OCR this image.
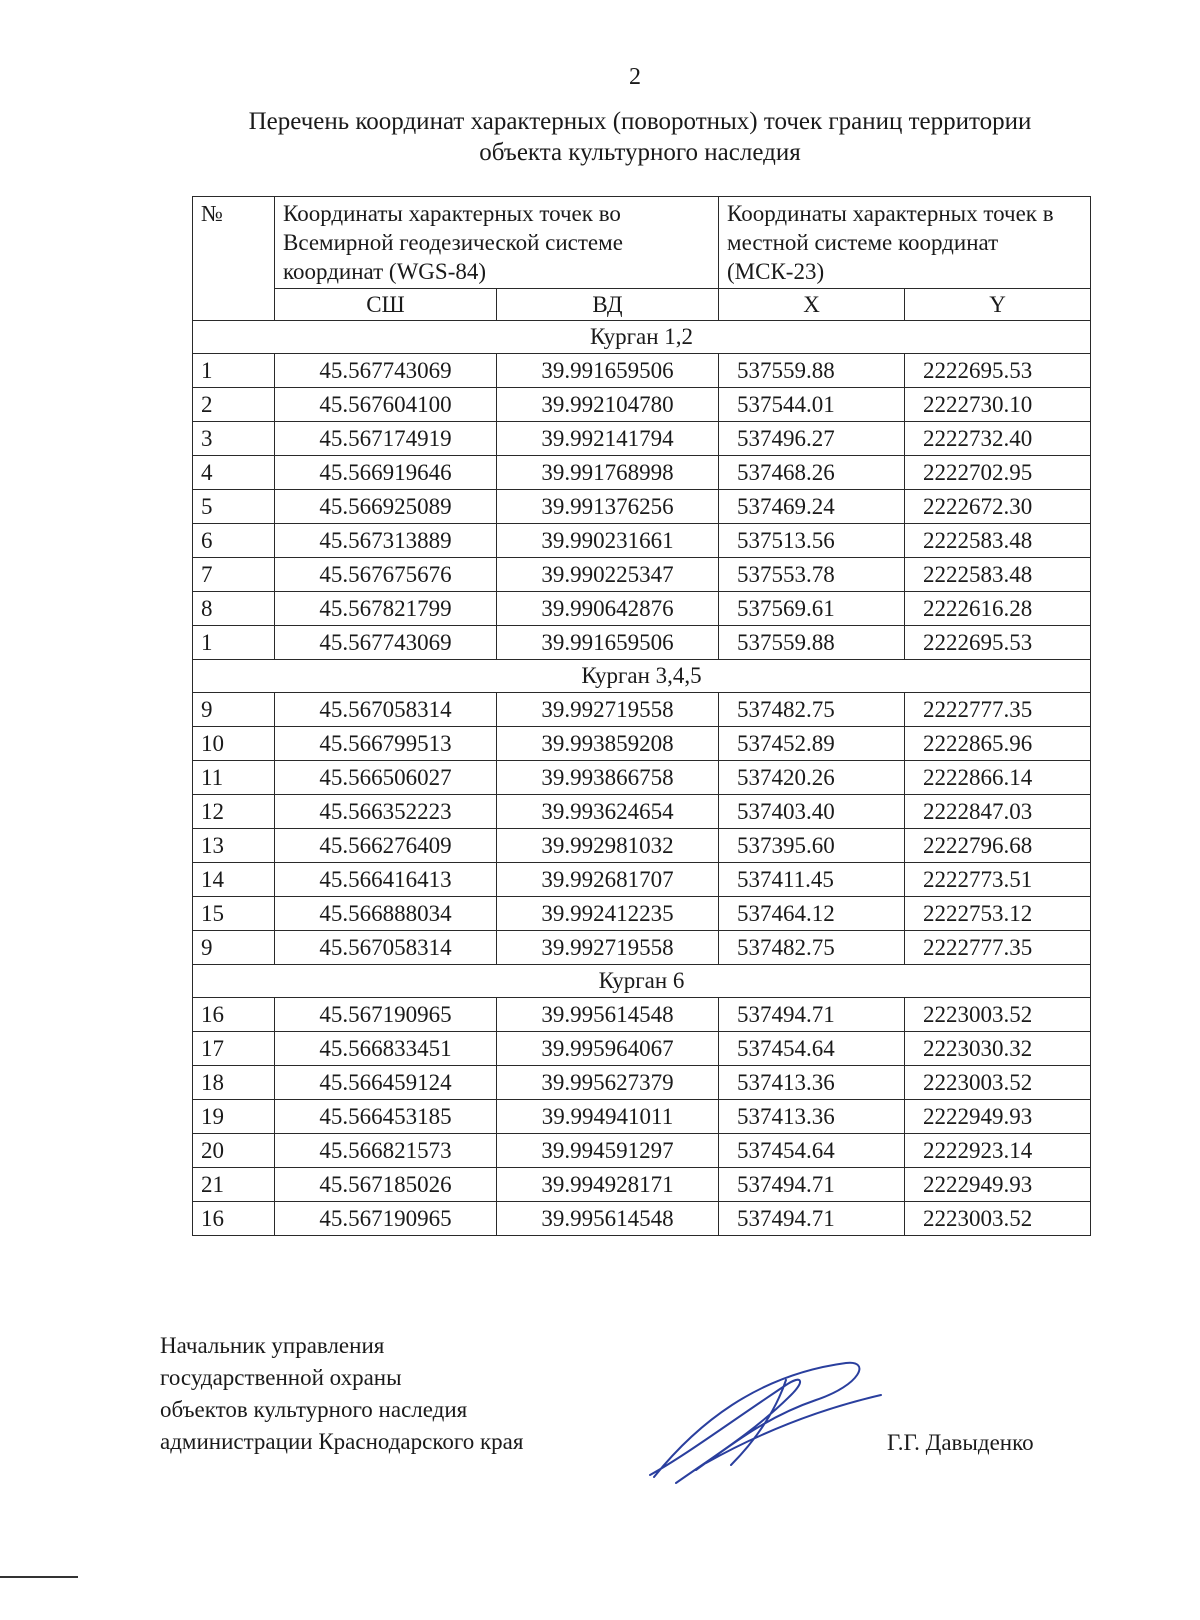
2
Перечень координат характерных (поворотных) точек границ территории
объекта культурного наследия
№	Координаты характерных точек во Всемирной геодезической системе координат (WGS-84)		Координаты характерных точек в местной системе координат (МСК-23)	
	СШ	ВД	X	Y
Курган 1,2				
1	45.567743069	39.991659506	537559.88	2222695.53
2	45.567604100	39.992104780	537544.01	2222730.10
3	45.567174919	39.992141794	537496.27	2222732.40
4	45.566919646	39.991768998	537468.26	2222702.95
5	45.566925089	39.991376256	537469.24	2222672.30
6	45.567313889	39.990231661	537513.56	2222583.48
7	45.567675676	39.990225347	537553.78	2222583.48
8	45.567821799	39.990642876	537569.61	2222616.28
1	45.567743069	39.991659506	537559.88	2222695.53
Курган 3,4,5				
9	45.567058314	39.992719558	537482.75	2222777.35
10	45.566799513	39.993859208	537452.89	2222865.96
11	45.566506027	39.993866758	537420.26	2222866.14
12	45.566352223	39.993624654	537403.40	2222847.03
13	45.566276409	39.992981032	537395.60	2222796.68
14	45.566416413	39.992681707	537411.45	2222773.51
15	45.566888034	39.992412235	537464.12	2222753.12
9	45.567058314	39.992719558	537482.75	2222777.35
Курган 6				
16	45.567190965	39.995614548	537494.71	2223003.52
17	45.566833451	39.995964067	537454.64	2223030.32
18	45.566459124	39.995627379	537413.36	2223003.52
19	45.566453185	39.994941011	537413.36	2222949.93
20	45.566821573	39.994591297	537454.64	2222923.14
21	45.567185026	39.994928171	537494.71	2222949.93
16	45.567190965	39.995614548	537494.71	2223003.52
Начальник управления
государственной охраны
объектов культурного наследия
администрации Краснодарского края	Г.Г. Давыденко
